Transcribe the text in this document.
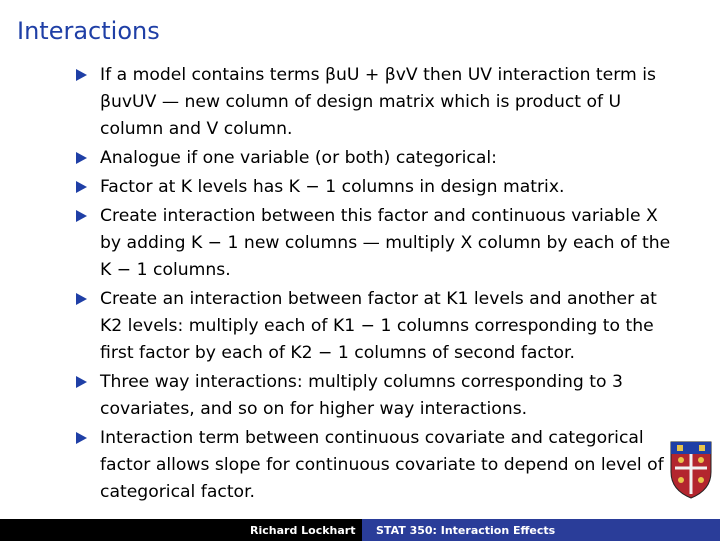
Interactions
If a model contains terms βuU + βvV then UV interaction term is βuvUV — new column of design matrix which is product of U column and V column.
Analogue if one variable (or both) categorical:
Factor at K levels has K − 1 columns in design matrix.
Create interaction between this factor and continuous variable X by adding K − 1 new columns — multiply X column by each of the K − 1 columns.
Create an interaction between factor at K1 levels and another at K2 levels: multiply each of K1 − 1 columns corresponding to the first factor by each of K2 − 1 columns of second factor.
Three way interactions: multiply columns corresponding to 3 covariates, and so on for higher way interactions.
Interaction term between continuous covariate and categorical factor allows slope for continuous covariate to depend on level of categorical factor.
Richard Lockhart STAT 350: Interaction Effects
